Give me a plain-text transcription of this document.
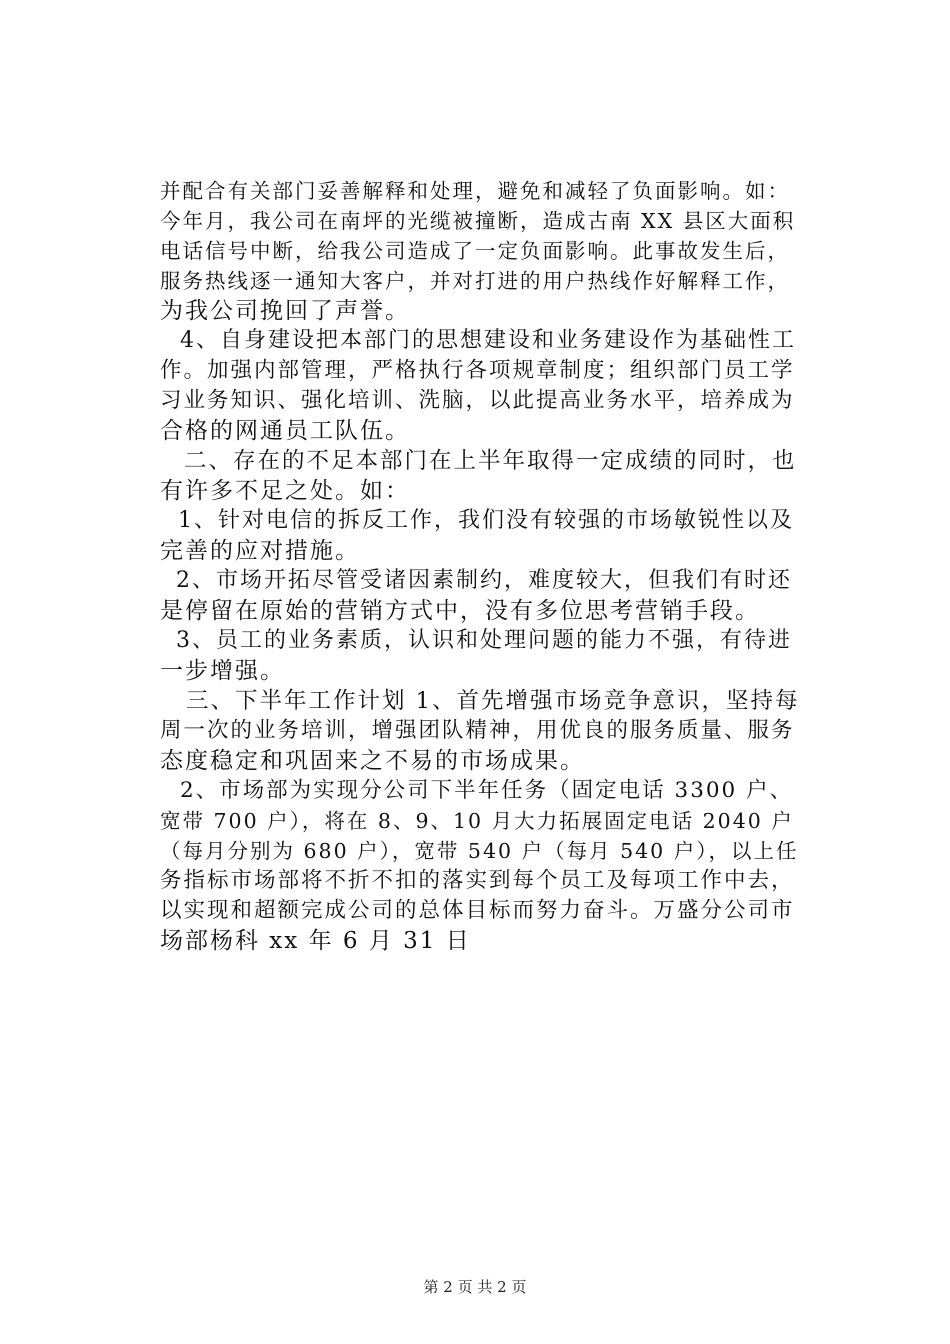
并配合有关部门妥善解释和处理，避免和减轻了负面影响。如：
今年月，我公司在南坪的光缆被撞断，造成古南 XX 县区大面积
电话信号中断，给我公司造成了一定负面影响。此事故发生后，
服务热线逐一通知大客户，并对打进的用户热线作好解释工作，
为我公司挽回了声誉。
4、自身建设把本部门的思想建设和业务建设作为基础性工
作。加强内部管理，严格执行各项规章制度；组织部门员工学
习业务知识、强化培训、洗脑，以此提高业务水平，培养成为
合格的网通员工队伍。
二、存在的不足本部门在上半年取得一定成绩的同时，也
有许多不足之处。如：
1、针对电信的拆反工作，我们没有较强的市场敏锐性以及
完善的应对措施。
2、市场开拓尽管受诸因素制约，难度较大，但我们有时还
是停留在原始的营销方式中，没有多位思考营销手段。
3、员工的业务素质，认识和处理问题的能力不强，有待进
一步增强。
三、下半年工作计划 1、首先增强市场竞争意识，坚持每
周一次的业务培训，增强团队精神，用优良的服务质量、服务
态度稳定和巩固来之不易的市场成果。
2、市场部为实现分公司下半年任务（固定电话 3300 户、
宽带 700 户），将在 8、9、10 月大力拓展固定电话 2040 户
（每月分别为 680 户），宽带 540 户（每月 540 户），以上任
务指标市场部将不折不扣的落实到每个员工及每项工作中去，
以实现和超额完成公司的总体目标而努力奋斗。万盛分公司市
场部杨科 xx 年 6 月 31 日
第 2 页 共 2 页
